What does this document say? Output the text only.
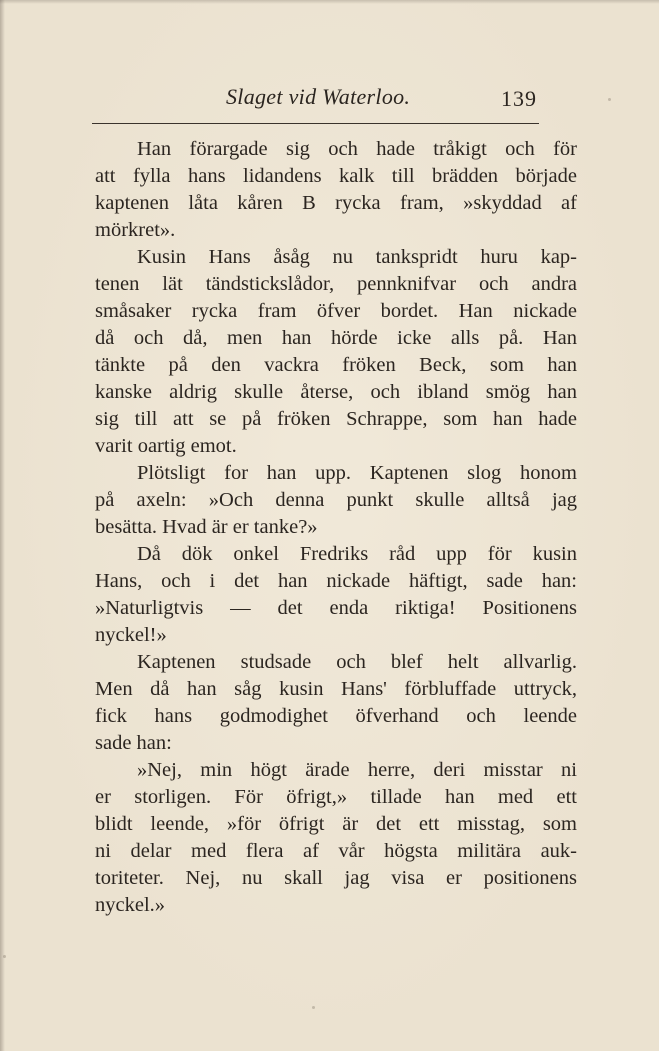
Slaget vid Waterloo.	139
Han förargade sig och hade tråkigt och för
att fylla hans lidandens kalk till brädden började
kaptenen låta kåren B rycka fram, »skyddad af
mörkret».
Kusin Hans åsåg nu tankspridt huru kap-
tenen lät tändstickslådor, pennknifvar och andra
småsaker rycka fram öfver bordet. Han nickade
då och då, men han hörde icke alls på. Han
tänkte på den vackra fröken Beck, som han
kanske aldrig skulle återse, och ibland smög han
sig till att se på fröken Schrappe, som han hade
varit oartig emot.
Plötsligt for han upp. Kaptenen slog honom
på axeln: »Och denna punkt skulle alltså jag
besätta. Hvad är er tanke?»
Då dök onkel Fredriks råd upp för kusin
Hans, och i det han nickade häftigt, sade han:
»Naturligtvis — det enda riktiga! Positionens
nyckel!»
Kaptenen studsade och blef helt allvarlig.
Men då han såg kusin Hans' förbluffade uttryck,
fick hans godmodighet öfverhand och leende
sade han:
»Nej, min högt ärade herre, deri misstar ni
er storligen. För öfrigt,» tillade han med ett
blidt leende, »för öfrigt är det ett misstag, som
ni delar med flera af vår högsta militära auk-
toriteter. Nej, nu skall jag visa er positionens
nyckel.»
